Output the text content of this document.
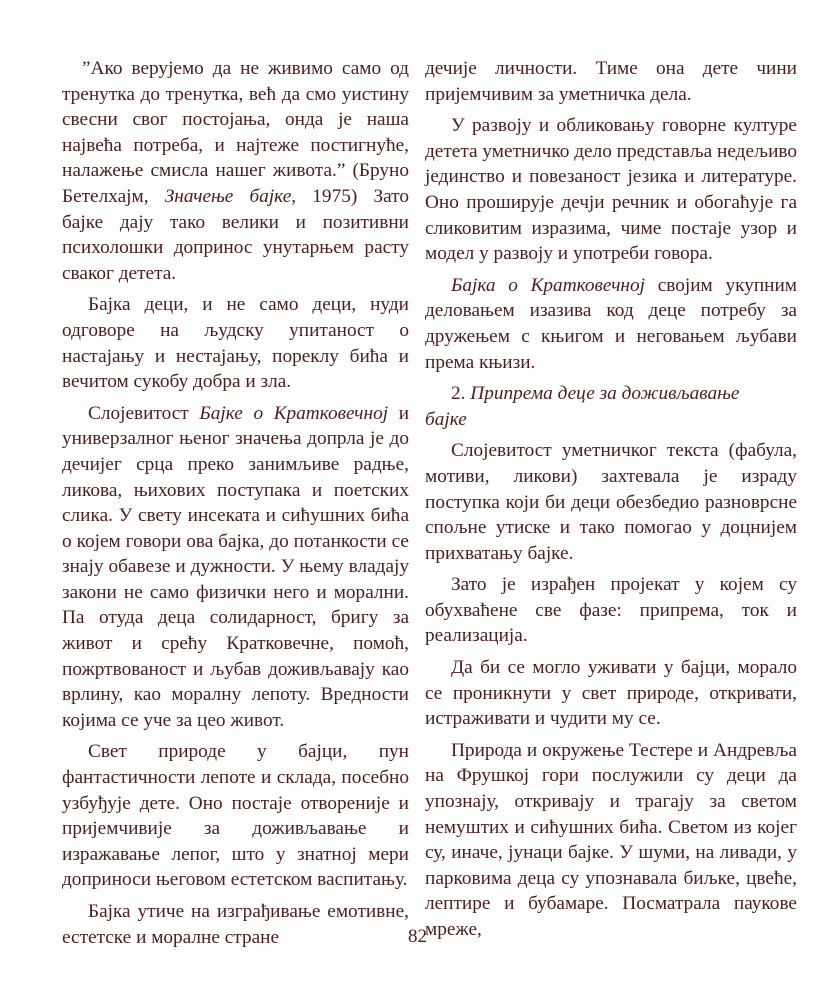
”Ако верујемо да не живимо само од тренутка до тренутка, већ да смо уистину свесни свог постојања, онда је наша највећа потреба, и најтеже постигнуће, налажење смисла нашег живота.” (Бруно Бетелхајм, Значење бајке, 1975) Зато бајке дају тако велики и позитивни психолошки допринос унутарњем расту сваког детета.

Бајка деци, и не само деци, нуди одговоре на људску упитаност о настајању и нестајању, пореклу бића и вечитом сукобу добра и зла.

Слојевитост Бајке о Кратковечној и универзалног њеног значења допрла је до дечијег срца преко занимљиве радње, ликова, њихових поступака и поетских слика. У свету инсеката и сићушних бића о којем говори ова бајка, до потанкости се знају обавезе и дужности. У њему владају закони не само физички него и морални. Па отуда деца солидарност, бригу за живот и срећу Кратковечне, помоћ, пожртвованост и љубав доживљавају као врлину, као моралну лепоту. Вредности којима се уче за цео живот.

Свет природе у бајци, пун фантастичности лепоте и склада, посебно узбуђује дете. Оно постаје отвореније и пријемчивије за доживљавање и изражавање лепог, што у знатној мери доприноси његовом естетском васпитању.

Бајка утиче на изграђивање емотивне, естетске и моралне стране

дечије личности. Тиме она дете чини пријемчивим за уметничка дела.

У развоју и обликовању говорне културе детета уметничко дело представља недељиво јединство и повезаност језика и литературе. Оно проширује дечји речник и обогаћује га сликовитим изразима, чиме постаје узор и модел у развоју и употреби говора.

Бајка о Кратковечној својим укупним деловањем изазива код деце потребу за дружењем с књигом и неговањем љубави према књизи.

2. Припрема деце за доживљавање
бајке

Слојевитост уметничког текста (фабула, мотиви, ликови) захтевала је израду поступка који би деци обезбедио разноврсне спољне утиске и тако помогао у доцнијем прихватању бајке.

Зато је израђен пројекат у којем су обухваћене све фазе: припрема, ток и реализација.

Да би се могло уживати у бајци, морало се проникнути у свет природе, откривати, истраживати и чудити му се.

Природа и окружење Тестере и Андревља на Фрушкој гори послужили су деци да упознају, откривају и трагају за светом немуштих и сићушних бића. Светом из којег су, иначе, јунаци бајке. У шуми, на ливади, у парковима деца су упознавала биљке, цвеће, лептире и бубамаре. Посматрала паукове мреже,

82
